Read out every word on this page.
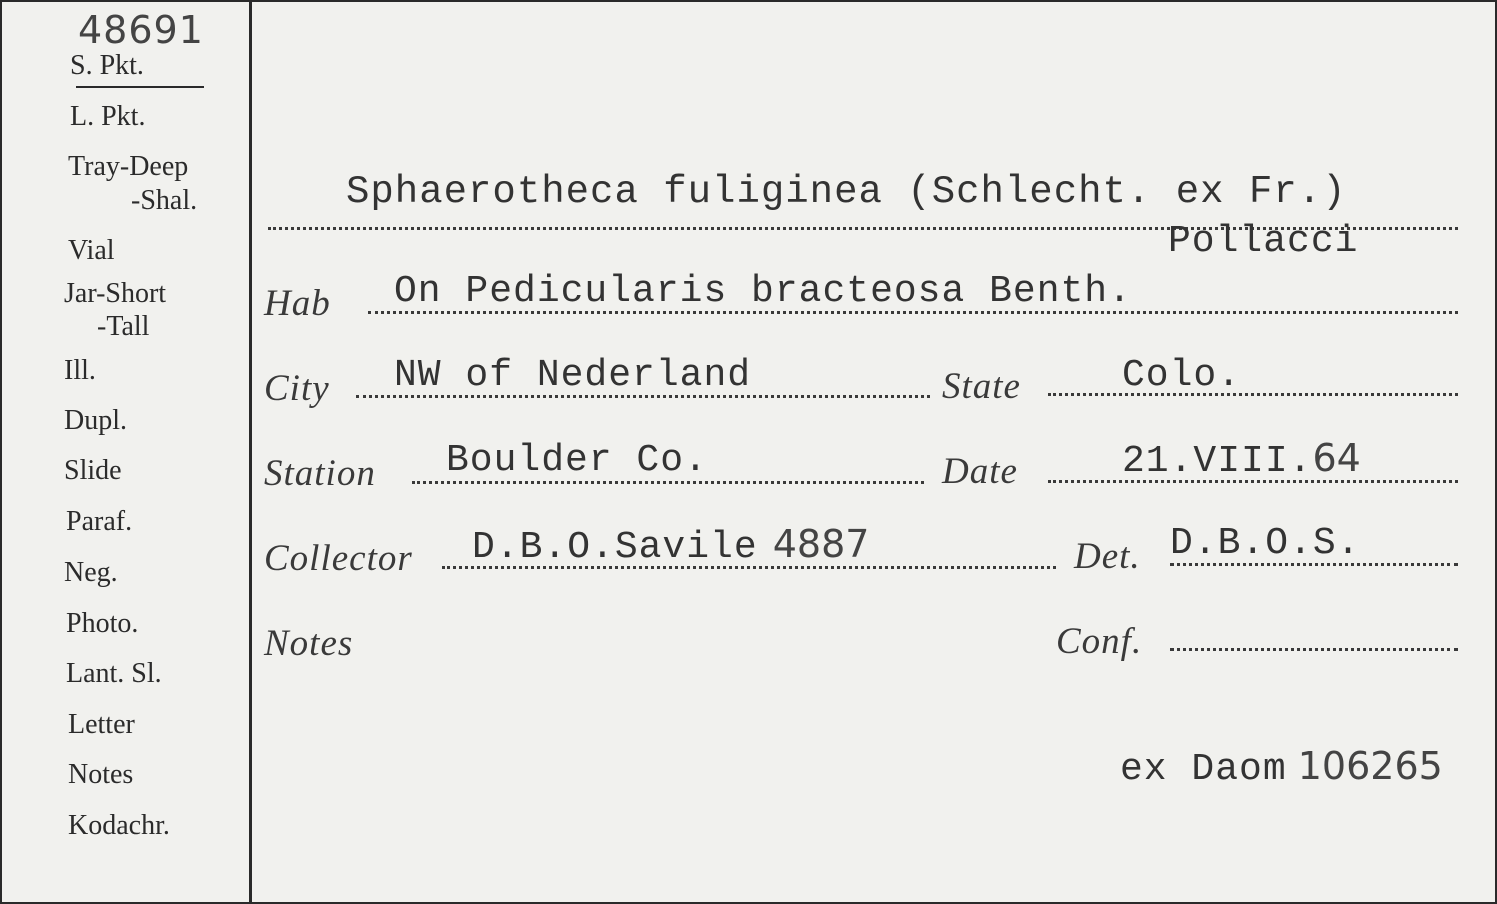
48691
S. Pkt.
L. Pkt.
Tray-Deep
-Shal.
Vial
Jar-Short
-Tall
Ill.
Dupl.
Slide
Paraf.
Neg.
Photo.
Lant. Sl.
Letter
Notes
Kodachr.
Sphaerotheca fuliginea (Schlecht. ex Fr.)
Pollacci
Hab On Pedicularis bracteosa Benth.
City NW of Nederland	State	Colo.
Station Boulder Co.	Date	21.VIII.64
Collector D.B.O.Savile 4887	Det. D.B.O.S.
Notes	Conf.
ex Daom 106265
